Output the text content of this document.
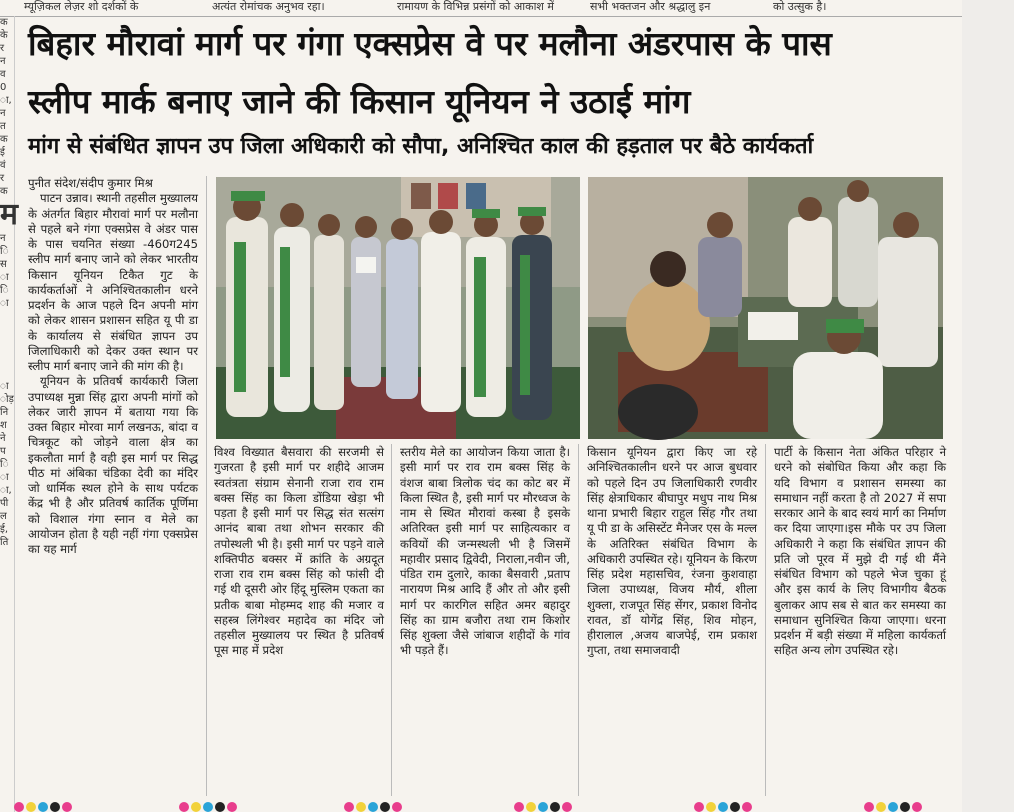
म्यूज़िकल लेज़र शो दर्शकों के	अत्यंत रोमांचक अनुभव रहा।	रामायण के विभिन्न प्रसंगों को आकाश में	सभी भक्तजन और श्रद्धालु इन	को उत्सुक है।
क
के
र
न
व
0
ा,
न
त
क
ई
वं
र
क
म
न
ि
स
ा
ि
ा
ा
ोड़
नि
श
ने
प
ि
ा
ा,
पी
ल
ई,
ति
बिहार मौरावां मार्ग पर गंगा एक्सप्रेस वे पर मलौना अंडरपास के पास
स्लीप मार्क बनाए जाने की किसान यूनियन ने उठाई मांग
मांग से संबंधित ज्ञापन उप जिला अधिकारी को सौपा, अनिश्चित काल की हड़ताल पर बैठे कार्यकर्ता

पुनीत संदेश/संदीप कुमार मिश्र

पाटन उन्नाव। स्थानी तहसील मुख्यालय के अंतर्गत बिहार मौरावां मार्ग पर मलौना से पहले बने गंगा एक्सप्रेस वे अंडर पास के पास चयनित संख्या -460ग245 स्लीप मार्ग बनाए जाने को लेकर भारतीय किसान यूनियन टिकैत गुट के कार्यकर्ताओं ने अनिश्चितकालीन धरने प्रदर्शन के आज पहले दिन अपनी मांग को लेकर शासन प्रशासन सहित यू पी डा के कार्यालय से संबंधित ज्ञापन उप जिलाधिकारी को देकर उक्त स्थान पर स्लीप मार्ग बनाए जाने की मांग की है।

यूनियन के प्रतिवर्ष कार्यकारी जिला उपाध्यक्ष मुन्ना सिंह द्वारा अपनी मांगों को लेकर जारी ज्ञापन में बताया गया कि उक्त बिहार मोरवा मार्ग लखनऊ, बांदा व चित्रकूट को जोड़ने वाला क्षेत्र का इकलौता मार्ग है वही इस मार्ग पर सिद्ध पीठ मां अंबिका चंडिका देवी का मंदिर जो धार्मिक स्थल होने के साथ पर्यटक केंद्र भी है और प्रतिवर्ष कार्तिक पूर्णिमा को विशाल गंगा स्नान व मेले का आयोजन होता है यही नहीं गंगा एक्सप्रेस का यह मार्ग

विश्व विख्यात बैसवारा की सरजमी से गुजरता है इसी मार्ग पर शहीदे आजम स्वतंत्रता संग्राम सेनानी राजा राव राम बक्स सिंह का किला डोंडिया खेड़ा भी पड़ता है इसी मार्ग पर सिद्ध संत सत्संग आनंद बाबा तथा शोभन सरकार की तपोस्थली भी है। इसी मार्ग पर पड़ने वाले शक्तिपीठ बक्सर में क्रांति के अग्रदूत राजा राव राम बक्स सिंह को फांसी दी गई थी दूसरी ओर हिंदू मुस्लिम एकता का प्रतीक बाबा मोहम्मद शाह की मजार व सहस्त्र लिंगेश्वर महादेव का मंदिर जो तहसील मुख्यालय पर स्थित है प्रतिवर्ष पूस माह में प्रदेश

स्तरीय मेले का आयोजन किया जाता है। इसी मार्ग पर राव राम बक्स सिंह के वंशज बाबा त्रिलोक चंद का कोट बर में किला स्थित है, इसी मार्ग पर मौरध्वज के नाम से स्थित मौरावां कस्बा है इसके अतिरिक्त इसी मार्ग पर साहित्यकार व कवियों की जन्मस्थली भी है जिसमें महावीर प्रसाद द्विवेदी, निराला,नवीन जी, पंडित राम दुलारे, काका बैसवारी ,प्रताप नारायण मिश्र आदि हैं और तो और इसी मार्ग पर कारगिल सहित अमर बहादुर सिंह का ग्राम बजौरा तथा राम किशोर सिंह शुक्ला जैसे जांबाज शहीदों के गांव भी पड़ते हैं।

किसान यूनियन द्वारा किए जा रहे अनिश्चितकालीन धरने पर आज बुधवार को पहले दिन उप जिलाधिकारी रणवीर सिंह क्षेत्राधिकार बीघापुर मधुप नाथ मिश्र थाना प्रभारी बिहार राहुल सिंह गौर तथा यू पी डा के असिस्टेंट मैनेजर एस के मल्ल के अतिरिक्त संबंधित विभाग के अधिकारी उपस्थित रहे। यूनियन के किरण सिंह प्रदेश महासचिव, रंजना कुशवाहा जिला उपाध्यक्ष, विजय मौर्य, शीला शुक्ला, राजपूत सिंह सेंगर, प्रकाश विनोद रावत, डॉ योगेंद्र सिंह, शिव मोहन, हीरालाल ,अजय बाजपेई, राम प्रकाश गुप्ता, तथा समाजवादी

पार्टी के किसान नेता अंकित परिहार ने धरने को संबोधित किया और कहा कि यदि विभाग व प्रशासन समस्या का समाधान नहीं करता है तो 2027 में सपा सरकार आने के बाद स्वयं मार्ग का निर्माण कर दिया जाएगा।इस मौके पर उप जिला अधिकारी ने कहा कि संबंधित ज्ञापन की प्रति जो पूरव में मुझे दी गई थी मैंने संबंधित विभाग को पहले भेज चुका हूं और इस कार्य के लिए विभागीय बैठक बुलाकर आप सब से बात कर समस्या का समाधान सुनिश्चित किया जाएगा। धरना प्रदर्शन में बड़ी संख्या में महिला कार्यकर्ता सहित अन्य लोग उपस्थित रहे।
